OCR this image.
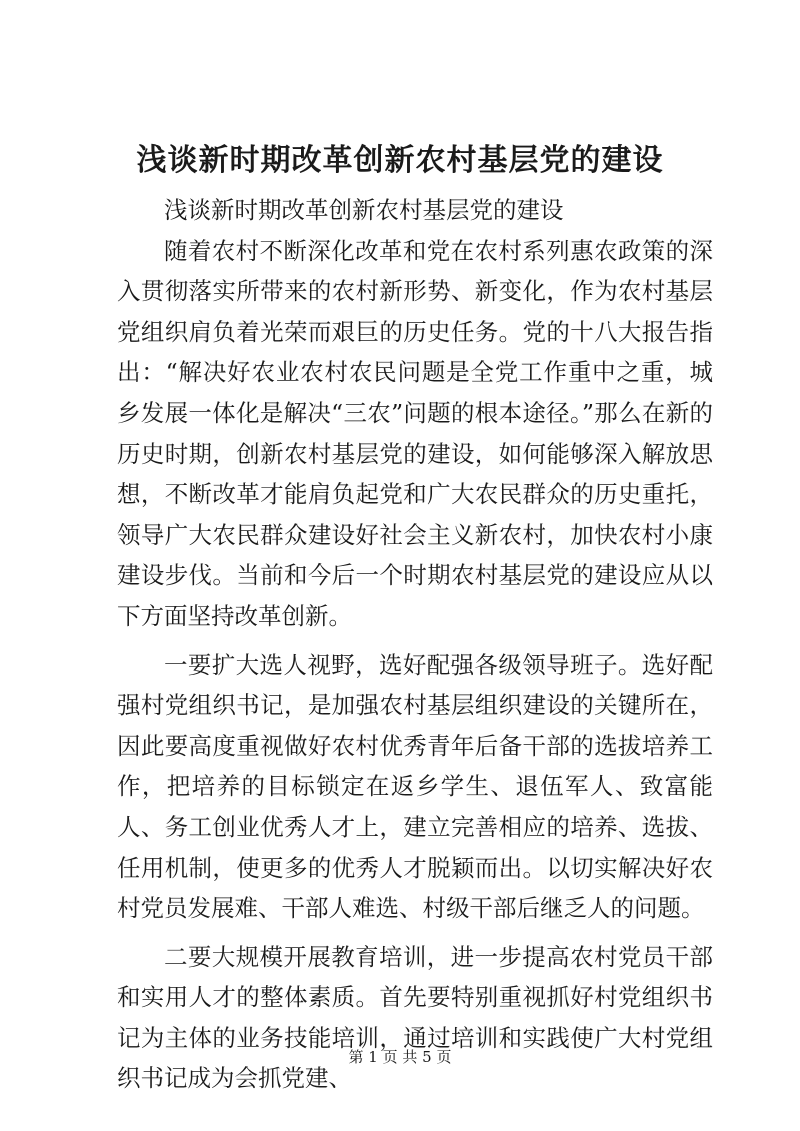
浅谈新时期改革创新农村基层党的建设

浅谈新时期改革创新农村基层党的建设

随着农村不断深化改革和党在农村系列惠农政策的深入贯彻落实所带来的农村新形势、新变化，作为农村基层党组织肩负着光荣而艰巨的历史任务。党的十八大报告指出：“解决好农业农村农民问题是全党工作重中之重，城乡发展一体化是解决“三农”问题的根本途径。”那么在新的历史时期，创新农村基层党的建设，如何能够深入解放思想，不断改革才能肩负起党和广大农民群众的历史重托，领导广大农民群众建设好社会主义新农村，加快农村小康建设步伐。当前和今后一个时期农村基层党的建设应从以下方面坚持改革创新。

一要扩大选人视野，选好配强各级领导班子。选好配强村党组织书记，是加强农村基层组织建设的关键所在，因此要高度重视做好农村优秀青年后备干部的选拔培养工作，把培养的目标锁定在返乡学生、退伍军人、致富能人、务工创业优秀人才上，建立完善相应的培养、选拔、任用机制，使更多的优秀人才脱颖而出。以切实解决好农村党员发展难、干部人难选、村级干部后继乏人的问题。

二要大规模开展教育培训，进一步提高农村党员干部和实用人才的整体素质。首先要特别重视抓好村党组织书记为主体的业务技能培训，通过培训和实践使广大村党组织书记成为会抓党建、

第 1 页 共 5 页
